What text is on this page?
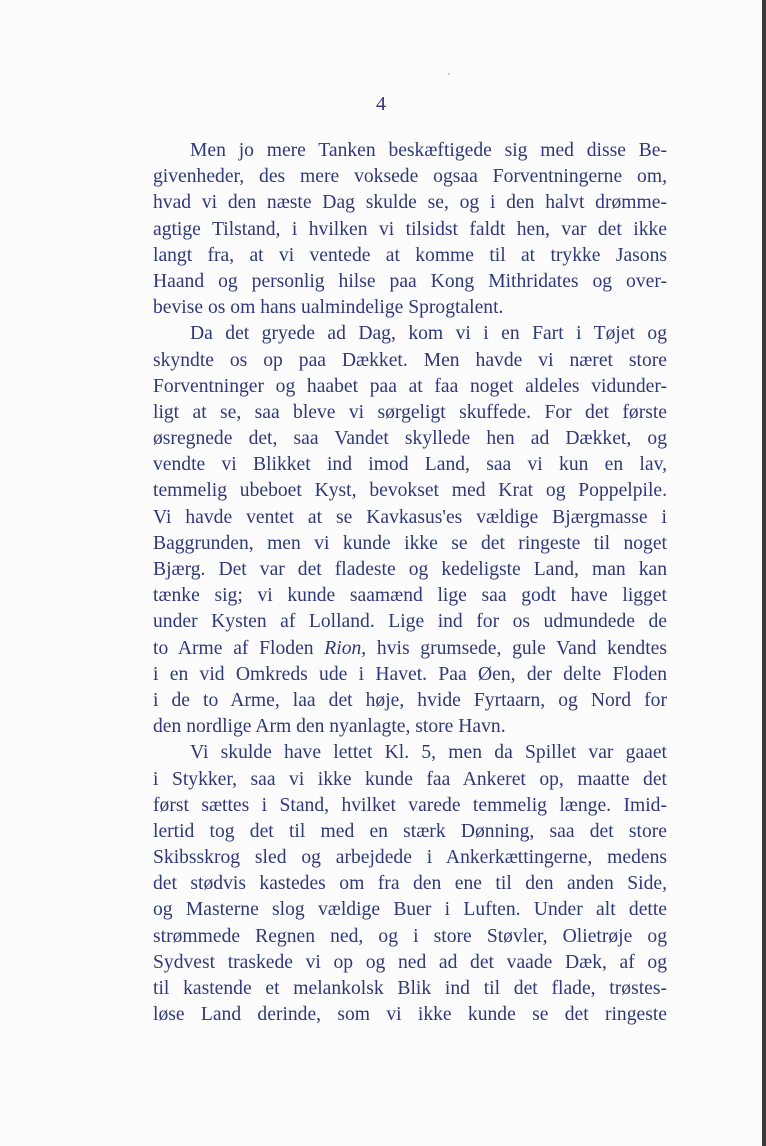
4
Men jo mere Tanken beskæftigede sig med disse Be-
givenheder, des mere voksede ogsaa Forventningerne om,
hvad vi den næste Dag skulde se, og i den halvt drømme-
agtige Tilstand, i hvilken vi tilsidst faldt hen, var det ikke
langt fra, at vi ventede at komme til at trykke Jasons
Haand og personlig hilse paa Kong Mithridates og over-
bevise os om hans ualmindelige Sprogtalent.
Da det gryede ad Dag, kom vi i en Fart i Tøjet og
skyndte os op paa Dækket. Men havde vi næret store
Forventninger og haabet paa at faa noget aldeles vidunder-
ligt at se, saa bleve vi sørgeligt skuffede. For det første
øsregnede det, saa Vandet skyllede hen ad Dækket, og
vendte vi Blikket ind imod Land, saa vi kun en lav,
temmelig ubeboet Kyst, bevokset med Krat og Poppelpile.
Vi havde ventet at se Kavkasus'es vældige Bjærgmasse i
Baggrunden, men vi kunde ikke se det ringeste til noget
Bjærg. Det var det fladeste og kedeligste Land, man kan
tænke sig; vi kunde saamænd lige saa godt have ligget
under Kysten af Lolland. Lige ind for os udmundede de
to Arme af Floden Rion, hvis grumsede, gule Vand kendtes
i en vid Omkreds ude i Havet. Paa Øen, der delte Floden
i de to Arme, laa det høje, hvide Fyrtaarn, og Nord for
den nordlige Arm den nyanlagte, store Havn.
Vi skulde have lettet Kl. 5, men da Spillet var gaaet
i Stykker, saa vi ikke kunde faa Ankeret op, maatte det
først sættes i Stand, hvilket varede temmelig længe. Imid-
lertid tog det til med en stærk Dønning, saa det store
Skibsskrog sled og arbejdede i Ankerkættingerne, medens
det stødvis kastedes om fra den ene til den anden Side,
og Masterne slog vældige Buer i Luften. Under alt dette
strømmede Regnen ned, og i store Støvler, Olietrøje og
Sydvest traskede vi op og ned ad det vaade Dæk, af og
til kastende et melankolsk Blik ind til det flade, trøstes-
løse Land derinde, som vi ikke kunde se det ringeste
